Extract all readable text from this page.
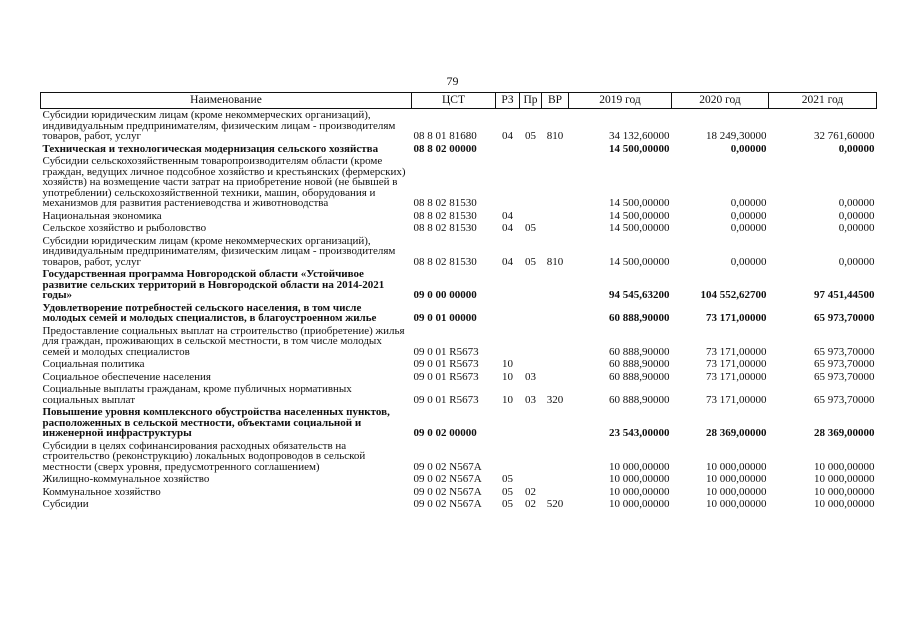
79
Наименование	ЦСТ	РЗ	Пр	ВР	2019 год	2020 год	2021 год
Субсидии юридическим лицам (кроме некоммерческих организаций), индивидуальным предпринимателям, физическим лицам - производителям товаров, работ, услуг	08 8 01 81680	04	05	810	34 132,60000	18 249,30000	32 761,60000
Техническая и технологическая модернизация сельского хозяйства	08 8 02 00000				14 500,00000	0,00000	0,00000
Субсидии сельскохозяйственным товаропроизводителям области (кроме граждан, ведущих личное подсобное хозяйство и крестьянских (фермерских) хозяйств) на возмещение части затрат на приобретение новой (не бывшей в употреблении) сельскохозяйственной техники, машин, оборудования и механизмов для развития растениеводства и животноводства	08 8 02 81530				14 500,00000	0,00000	0,00000
Национальная экономика	08 8 02 81530	04			14 500,00000	0,00000	0,00000
Сельское хозяйство и рыболовство	08 8 02 81530	04	05		14 500,00000	0,00000	0,00000
Субсидии юридическим лицам (кроме некоммерческих организаций), индивидуальным предпринимателям, физическим лицам - производителям товаров, работ, услуг	08 8 02 81530	04	05	810	14 500,00000	0,00000	0,00000
Государственная программа Новгородской области «Устойчивое развитие сельских территорий в Новгородской области на 2014-2021 годы»	09 0 00 00000				94 545,63200	104 552,62700	97 451,44500
Удовлетворение потребностей сельского населения, в том числе молодых семей и молодых специалистов, в благоустроенном жилье	09 0 01 00000				60 888,90000	73 171,00000	65 973,70000
Предоставление социальных выплат на строительство (приобретение) жилья для граждан, проживающих в сельской местности, в том числе молодых семей и молодых специалистов	09 0 01 R5673				60 888,90000	73 171,00000	65 973,70000
Социальная политика	09 0 01 R5673	10			60 888,90000	73 171,00000	65 973,70000
Социальное обеспечение населения	09 0 01 R5673	10	03		60 888,90000	73 171,00000	65 973,70000
Социальные выплаты гражданам, кроме публичных нормативных социальных выплат	09 0 01 R5673	10	03	320	60 888,90000	73 171,00000	65 973,70000
Повышение уровня комплексного обустройства населенных пунктов, расположенных в сельской местности, объектами социальной и инженерной инфраструктуры	09 0 02 00000				23 543,00000	28 369,00000	28 369,00000
Субсидии в целях софинансирования расходных обязательств на строительство (реконструкцию) локальных водопроводов в сельской местности (сверх уровня, предусмотренного соглашением)	09 0 02 N567A				10 000,00000	10 000,00000	10 000,00000
Жилищно-коммунальное хозяйство	09 0 02 N567A	05			10 000,00000	10 000,00000	10 000,00000
Коммунальное хозяйство	09 0 02 N567A	05	02		10 000,00000	10 000,00000	10 000,00000
Субсидии	09 0 02 N567A	05	02	520	10 000,00000	10 000,00000	10 000,00000
